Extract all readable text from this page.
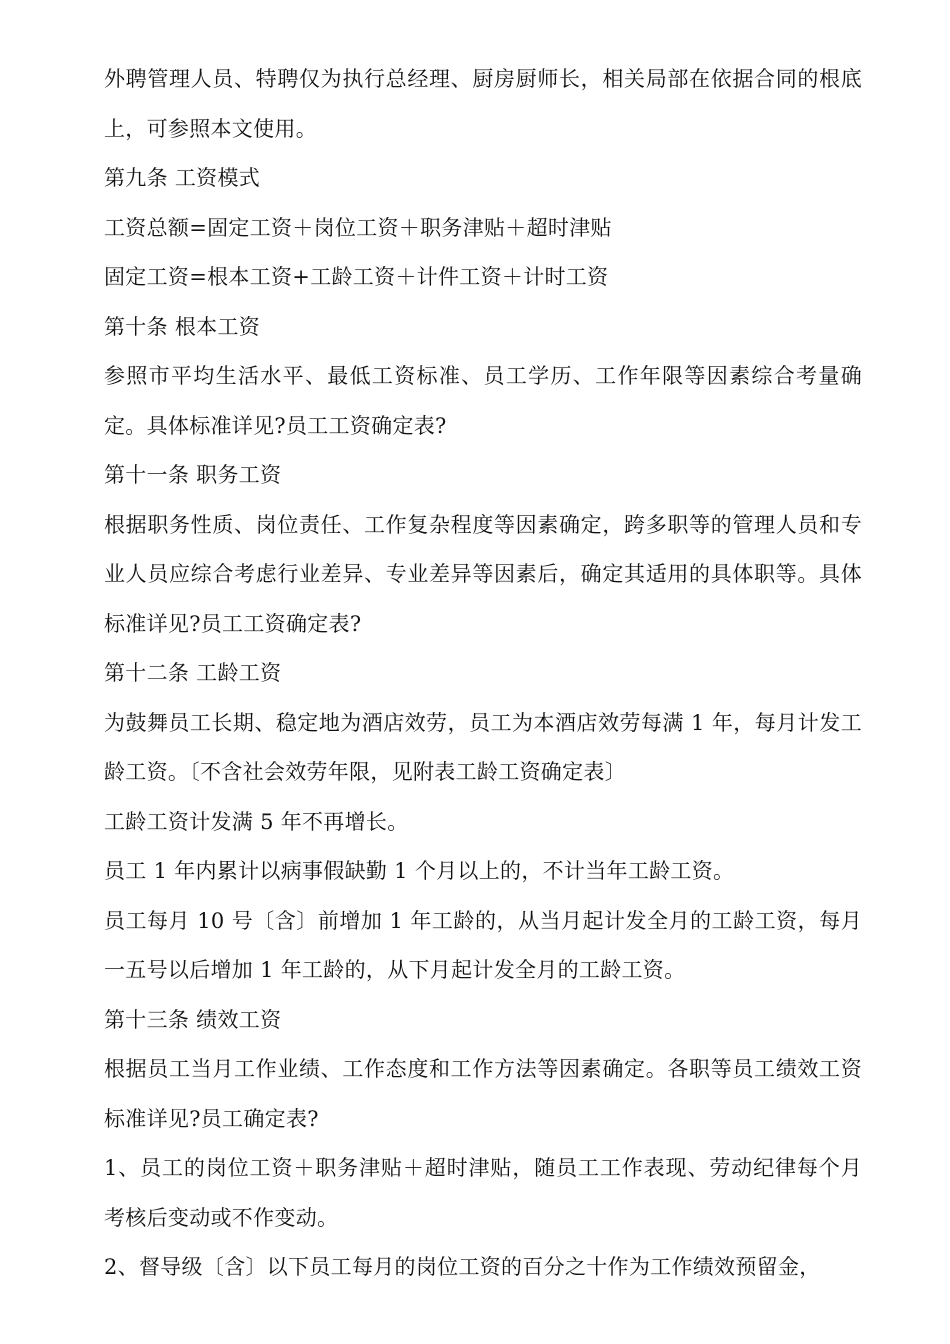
外聘管理人员、特聘仅为执行总经理、厨房厨师长，相关局部在依据合同的根底上，可参照本文使用。

第九条 工资模式

工资总额=固定工资＋岗位工资＋职务津贴＋超时津贴

固定工资=根本工资+工龄工资＋计件工资＋计时工资

第十条 根本工资

参照市平均生活水平、最低工资标准、员工学历、工作年限等因素综合考量确定。具体标准详见?员工工资确定表?

第十一条 职务工资

根据职务性质、岗位责任、工作复杂程度等因素确定，跨多职等的管理人员和专业人员应综合考虑行业差异、专业差异等因素后，确定其适用的具体职等。具体标准详见?员工工资确定表?

第十二条 工龄工资

为鼓舞员工长期、稳定地为酒店效劳，员工为本酒店效劳每满 1 年，每月计发工龄工资。〔不含社会效劳年限，见附表工龄工资确定表〕

工龄工资计发满 5 年不再增长。

员工 1 年内累计以病事假缺勤 1 个月以上的，不计当年工龄工资。

员工每月 10 号〔含〕前增加 1 年工龄的，从当月起计发全月的工龄工资，每月一五号以后增加 1 年工龄的，从下月起计发全月的工龄工资。

第十三条 绩效工资

根据员工当月工作业绩、工作态度和工作方法等因素确定。各职等员工绩效工资标准详见?员工确定表?

1、员工的岗位工资＋职务津贴＋超时津贴，随员工工作表现、劳动纪律每个月考核后变动或不作变动。

2、督导级〔含〕以下员工每月的岗位工资的百分之十作为工作绩效预留金，
